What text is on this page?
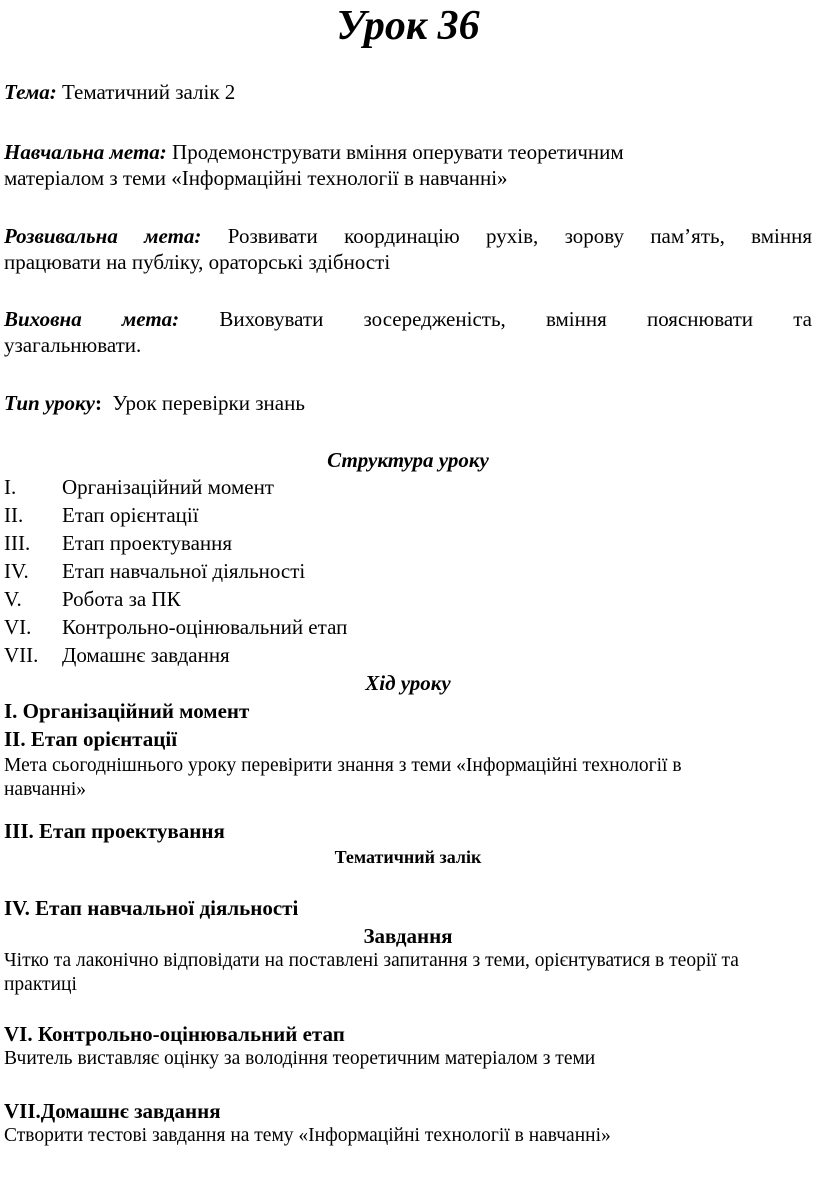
Урок 36
Тема: Тематичний залік 2
Навчальна мета: Продемонструвати вміння оперувати теоретичним
матеріалом з теми «Інформаційні технології в навчанні»
Розвивальна мета: Розвивати координацію рухів, зорову пам’ять, вміння
працювати на публіку, ораторські здібності
Виховна мета: Виховувати зосередженість, вміння пояснювати та
узагальнювати.
Тип уроку:  Урок перевірки знань
Структура уроку
I. Організаційний момент
II. Етап орієнтації
III. Етап проектування
IV. Етап навчальної діяльності
V. Робота за ПК
VI. Контрольно-оцінювальний етап
VII. Домашнє завдання
Хід уроку
I. Організаційний момент
II. Етап орієнтації
Мета сьогоднішнього уроку перевірити знання з теми «Інформаційні технології в
навчанні»
III. Етап проектування
Тематичний залік
IV. Етап навчальної діяльності
Завдання
Чітко та лаконічно відповідати на поставлені запитання з теми, орієнтуватися в теорії та
практиці
VI. Контрольно-оцінювальний етап
Вчитель виставляє оцінку за володіння теоретичним матеріалом з теми
VII.Домашнє завдання
Створити тестові завдання на тему «Інформаційні технології в навчанні»
